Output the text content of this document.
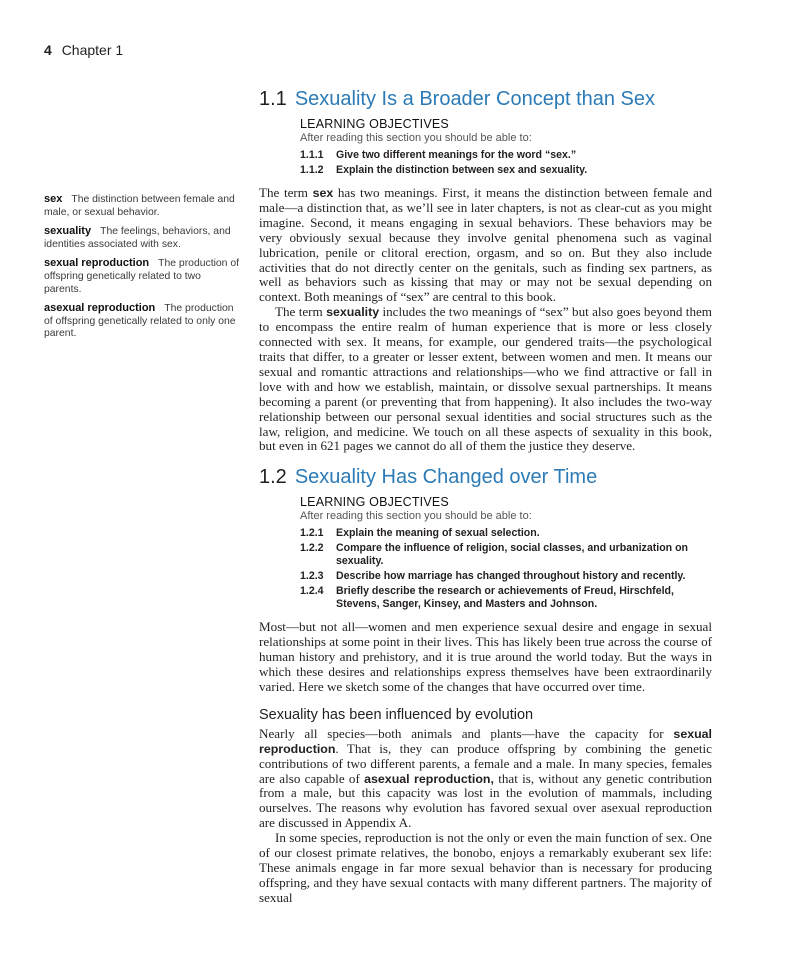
4 Chapter 1

sex The distinction between female and male, or sexual behavior.

sexuality The feelings, behaviors, and identities associated with sex.

sexual reproduction The production of offspring genetically related to two parents.

asexual reproduction The production of offspring genetically related to only one parent.

1.1 Sexuality Is a Broader Concept than Sex
LEARNING OBJECTIVES
After reading this section you should be able to:
1.1.1	Give two different meanings for the word “sex.”
1.1.2	Explain the distinction between sex and sexuality.

The term sex has two meanings. First, it means the distinction between female and male—a distinction that, as we’ll see in later chapters, is not as clear-cut as you might imagine. Second, it means engaging in sexual behaviors. These behaviors may be very obviously sexual because they involve genital phenomena such as vaginal lubrication, penile or clitoral erection, orgasm, and so on. But they also include activities that do not directly center on the genitals, such as finding sex partners, as well as behaviors such as kissing that may or may not be sexual depending on context. Both meanings of “sex” are central to this book.

The term sexuality includes the two meanings of “sex” but also goes beyond them to encompass the entire realm of human experience that is more or less closely connected with sex. It means, for example, our gendered traits—the psychological traits that differ, to a greater or lesser extent, between women and men. It means our sexual and romantic attractions and relationships—who we find attractive or fall in love with and how we establish, maintain, or dissolve sexual partnerships. It means becoming a parent (or preventing that from happening). It also includes the two-way relationship between our personal sexual identities and social structures such as the law, religion, and medicine. We touch on all these aspects of sexuality in this book, but even in 621 pages we cannot do all of them the justice they deserve.

1.2 Sexuality Has Changed over Time
LEARNING OBJECTIVES
After reading this section you should be able to:
1.2.1	Explain the meaning of sexual selection.
1.2.2	Compare the influence of religion, social classes, and urbanization on sexuality.
1.2.3	Describe how marriage has changed throughout history and recently.
1.2.4	Briefly describe the research or achievements of Freud, Hirschfeld, Stevens, Sanger, Kinsey, and Masters and Johnson.

Most—but not all—women and men experience sexual desire and engage in sexual relationships at some point in their lives. This has likely been true across the course of human history and prehistory, and it is true around the world today. But the ways in which these desires and relationships express themselves have been extraordinarily varied. Here we sketch some of the changes that have occurred over time.

Sexuality has been influenced by evolution

Nearly all species—both animals and plants—have the capacity for sexual reproduction. That is, they can produce offspring by combining the genetic contributions of two different parents, a female and a male. In many species, females are also capable of asexual reproduction, that is, without any genetic contribution from a male, but this capacity was lost in the evolution of mammals, including ourselves. The reasons why evolution has favored sexual over asexual reproduction are discussed in Appendix A.

In some species, reproduction is not the only or even the main function of sex. One of our closest primate relatives, the bonobo, enjoys a remarkably exuberant sex life: These animals engage in far more sexual behavior than is necessary for producing offspring, and they have sexual contacts with many different partners. The majority of sexual
